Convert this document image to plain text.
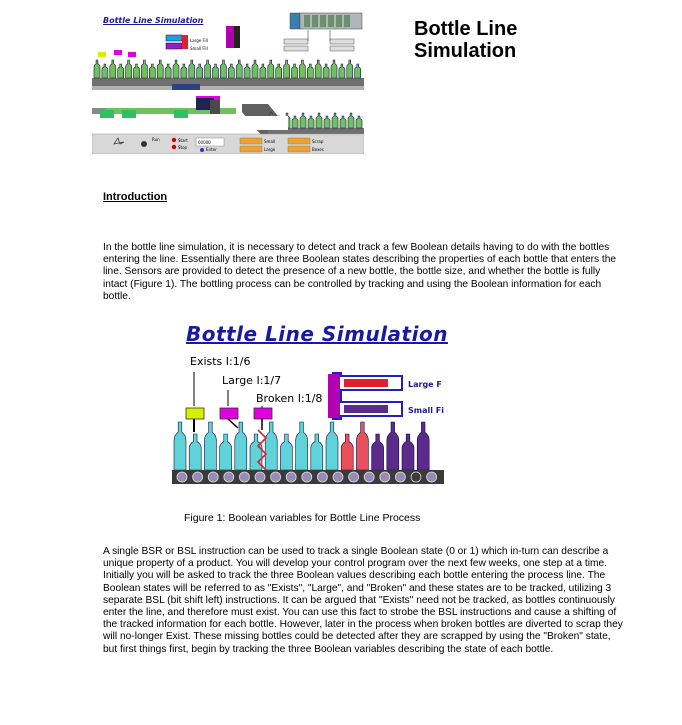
Bottle Line Simulation
Bottle Line Simulation
Run	Start
Stop
00000
Enter
Small
Large
Scrap
Boxes
Large Fill
Small Fill
Introduction
In the bottle line simulation, it is necessary to detect and track a few Boolean details having to do with the bottles entering the line. Essentially there are three Boolean states describing the properties of each bottle that enters the line. Sensors are provided to detect the presence of a new bottle, the bottle size, and whether the bottle is fully intact (Figure 1). The bottling process can be controlled by tracking and using the Boolean information for each bottle.
Bottle Line Simulation
Exists I:1/6
Large I:1/7
Broken I:1/8
Large F
Small Fi
Figure 1: Boolean variables for Bottle Line Process
A single BSR or BSL instruction can be used to track a single Boolean state (0 or 1) which in-turn can describe a unique property of a product. You will develop your control program over the next few weeks, one step at a time. Initially you will be asked to track the three Boolean values describing each bottle entering the process line. The Boolean states will be referred to as "Exists", "Large", and "Broken" and these states are to be tracked, utilizing 3 separate BSL (bit shift left) instructions. It can be argued that "Exists" need not be tracked, as bottles continuously enter the line, and therefore must exist. You can use this fact to strobe the BSL instructions and cause a shifting of the tracked information for each bottle. However, later in the process when broken bottles are diverted to scrap they will no-longer Exist. These missing bottles could be detected after they are scrapped by using the "Broken" state, but first things first, begin by tracking the three Boolean variables describing the state of each bottle.
